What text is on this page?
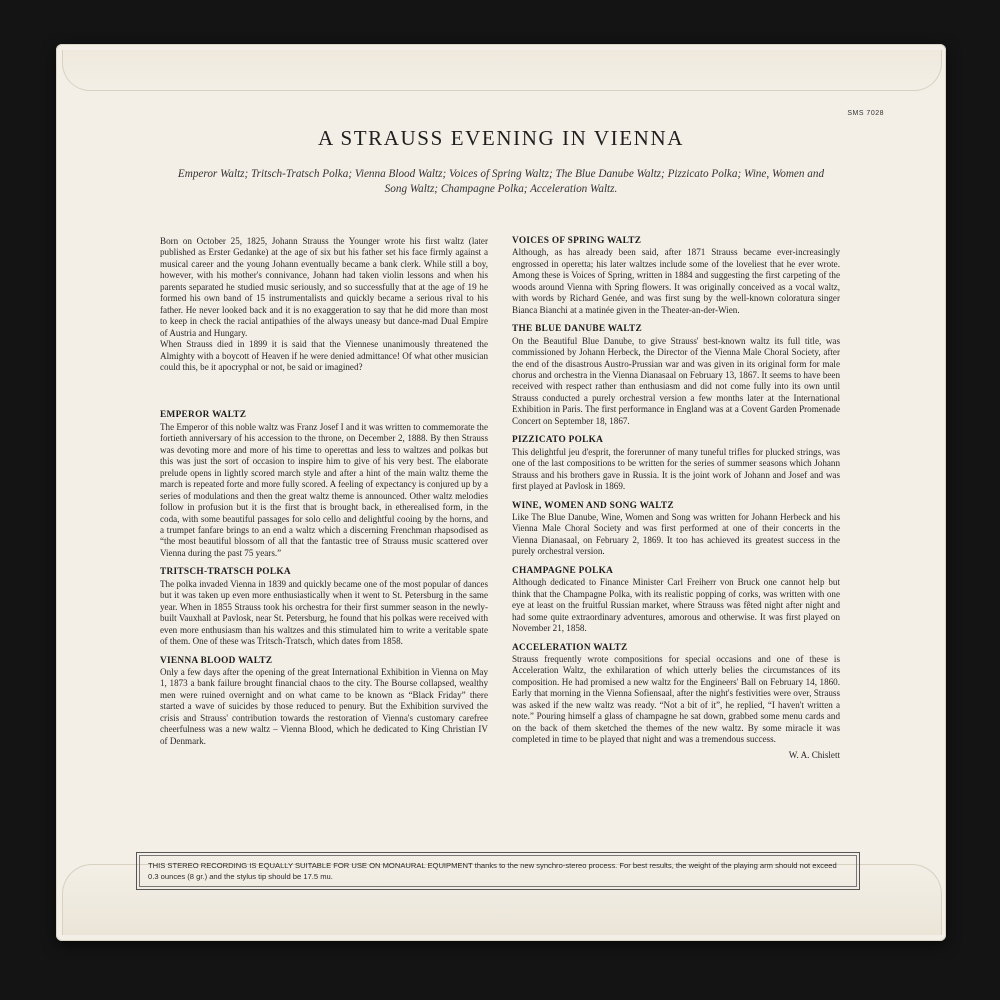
SMS 7028
A STRAUSS EVENING IN VIENNA
Emperor Waltz; Tritsch-Tratsch Polka; Vienna Blood Waltz; Voices of Spring Waltz; The Blue Danube Waltz; Pizzicato Polka; Wine, Women and Song Waltz; Champagne Polka; Acceleration Waltz.

Born on October 25, 1825, Johann Strauss the Younger wrote his first waltz (later published as Erster Gedanke) at the age of six but his father set his face firmly against a musical career and the young Johann eventually became a bank clerk. While still a boy, however, with his mother's connivance, Johann had taken violin lessons and when his parents separated he studied music seriously, and so successfully that at the age of 19 he formed his own band of 15 instrumentalists and quickly became a serious rival to his father. He never looked back and it is no exaggeration to say that he did more than most to keep in check the racial antipathies of the always uneasy but dance-mad Dual Empire of Austria and Hungary.

When Strauss died in 1899 it is said that the Viennese unanimously threatened the Almighty with a boycott of Heaven if he were denied admittance! Of what other musician could this, be it apocryphal or not, be said or imagined?

EMPEROR WALTZ

The Emperor of this noble waltz was Franz Josef I and it was written to commemorate the fortieth anniversary of his accession to the throne, on December 2, 1888. By then Strauss was devoting more and more of his time to operettas and less to waltzes and polkas but this was just the sort of occasion to inspire him to give of his very best. The elaborate prelude opens in lightly scored march style and after a hint of the main waltz theme the march is repeated forte and more fully scored. A feeling of expectancy is conjured up by a series of modulations and then the great waltz theme is announced. Other waltz melodies follow in profusion but it is the first that is brought back, in etherealised form, in the coda, with some beautiful passages for solo cello and delightful cooing by the horns, and a trumpet fanfare brings to an end a waltz which a discerning Frenchman rhapsodised as “the most beautiful blossom of all that the fantastic tree of Strauss music scattered over Vienna during the past 75 years.”

TRITSCH-TRATSCH POLKA

The polka invaded Vienna in 1839 and quickly became one of the most popular of dances but it was taken up even more enthusiastically when it went to St. Petersburg in the same year. When in 1855 Strauss took his orchestra for their first summer season in the newly-built Vauxhall at Pavlosk, near St. Petersburg, he found that his polkas were received with even more enthusiasm than his waltzes and this stimulated him to write a veritable spate of them. One of these was Tritsch-Tratsch, which dates from 1858.

VIENNA BLOOD WALTZ

Only a few days after the opening of the great International Exhibition in Vienna on May 1, 1873 a bank failure brought financial chaos to the city. The Bourse collapsed, wealthy men were ruined overnight and on what came to be known as “Black Friday” there started a wave of suicides by those reduced to penury. But the Exhibition survived the crisis and Strauss' contribution towards the restoration of Vienna's customary carefree cheerfulness was a new waltz – Vienna Blood, which he dedicated to King Christian IV of Denmark.

VOICES OF SPRING WALTZ

Although, as has already been said, after 1871 Strauss became ever-increasingly engrossed in operetta; his later waltzes include some of the loveliest that he ever wrote. Among these is Voices of Spring, written in 1884 and suggesting the first carpeting of the woods around Vienna with Spring flowers. It was originally conceived as a vocal waltz, with words by Richard Genée, and was first sung by the well-known coloratura singer Bianca Bianchi at a matinée given in the Theater-an-der-Wien.

THE BLUE DANUBE WALTZ

On the Beautiful Blue Danube, to give Strauss' best-known waltz its full title, was commissioned by Johann Herbeck, the Director of the Vienna Male Choral Society, after the end of the disastrous Austro-Prussian war and was given in its original form for male chorus and orchestra in the Vienna Dianasaal on February 13, 1867. It seems to have been received with respect rather than enthusiasm and did not come fully into its own until Strauss conducted a purely orchestral version a few months later at the International Exhibition in Paris. The first performance in England was at a Covent Garden Promenade Concert on September 18, 1867.

PIZZICATO POLKA

This delightful jeu d'esprit, the forerunner of many tuneful trifles for plucked strings, was one of the last compositions to be written for the series of summer seasons which Johann Strauss and his brothers gave in Russia. It is the joint work of Johann and Josef and was first played at Pavlosk in 1869.

WINE, WOMEN AND SONG WALTZ

Like The Blue Danube, Wine, Women and Song was written for Johann Herbeck and his Vienna Male Choral Society and was first performed at one of their concerts in the Vienna Dianasaal, on February 2, 1869. It too has achieved its greatest success in the purely orchestral version.

CHAMPAGNE POLKA

Although dedicated to Finance Minister Carl Freiherr von Bruck one cannot help but think that the Champagne Polka, with its realistic popping of corks, was written with one eye at least on the fruitful Russian market, where Strauss was fêted night after night and had some quite extraordinary adventures, amorous and otherwise. It was first played on November 21, 1858.

ACCELERATION WALTZ

Strauss frequently wrote compositions for special occasions and one of these is Acceleration Waltz, the exhilaration of which utterly belies the circumstances of its composition. He had promised a new waltz for the Engineers' Ball on February 14, 1860. Early that morning in the Vienna Sofiensaal, after the night's festivities were over, Strauss was asked if the new waltz was ready. “Not a bit of it”, he replied, “I haven't written a note.” Pouring himself a glass of champagne he sat down, grabbed some menu cards and on the back of them sketched the themes of the new waltz. By some miracle it was completed in time to be played that night and was a tremendous success.

W. A. Chislett

THIS STEREO RECORDING IS EQUALLY SUITABLE FOR USE ON MONAURAL EQUIPMENT thanks to the new synchro-stereo process. For best results, the weight of the playing arm should not exceed 0.3 ounces (8 gr.) and the stylus tip should be 17.5 mu.
